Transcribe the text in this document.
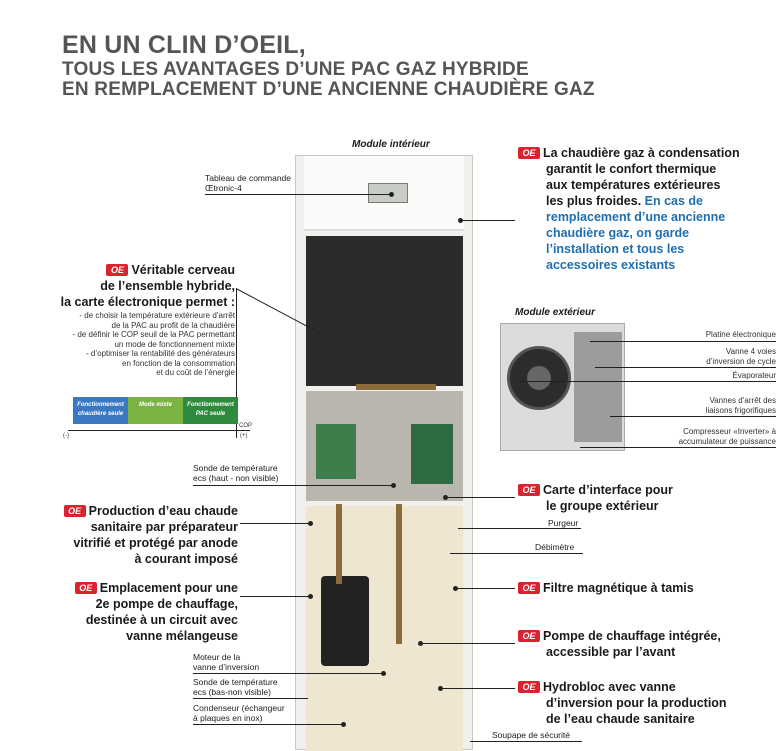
EN UN CLIN D’OEIL,
TOUS LES AVANTAGES D’UNE PAC GAZ HYBRIDE
EN REMPLACEMENT D’UNE ANCIENNE CHAUDIÈRE GAZ
Module intérieur
Module extérieur
Tableau de commande
Œtronic-4
Sonde de température
ecs (haut - non visible)
Moteur de la
vanne d’inversion
Sonde de température
ecs (bas-non visible)
Condenseur (échangeur
à plaques en inox)
Purgeur
Débimètre
Soupape de sécurité
Platine électronique
Vanne 4 voies
d’inversion de cycle
Évaporateur
Vannes d’arrêt des
liaisons frigorifiques
Compresseur «Inverter» à
accumulateur de puissance
OE La chaudière gaz à condensation
garantit le confort thermique
aux températures extérieures
les plus froides. En cas de
remplacement d’une ancienne
chaudière gaz, on garde
l’installation et tous les
accessoires existants
OE Véritable cerveau
de l’ensemble hybride,
la carte électronique permet :
- de choisir la température extérieure d’arrêt
de la PAC au profit de la chaudière
- de définir le COP seuil de la PAC permettant
un mode de fonctionnement mixte
- d’optimiser la rentabilité des générateurs
en fonction de la consommation
et du coût de l’énergie
Fonctionnement chaudière seule
Mode mixte	Fonctionnement PAC seule
COP
(-)	(+)
OE Production d’eau chaude
sanitaire par préparateur
vitrifié et protégé par anode
à courant imposé
OE Emplacement pour une
2e pompe de chauffage,
destinée à un circuit avec
vanne mélangeuse
OE Carte d’interface pour
le groupe extérieur
OE Filtre magnétique à tamis
OE Pompe de chauffage intégrée,
accessible par l’avant
OE Hydrobloc avec vanne
d’inversion pour la production
de l’eau chaude sanitaire
